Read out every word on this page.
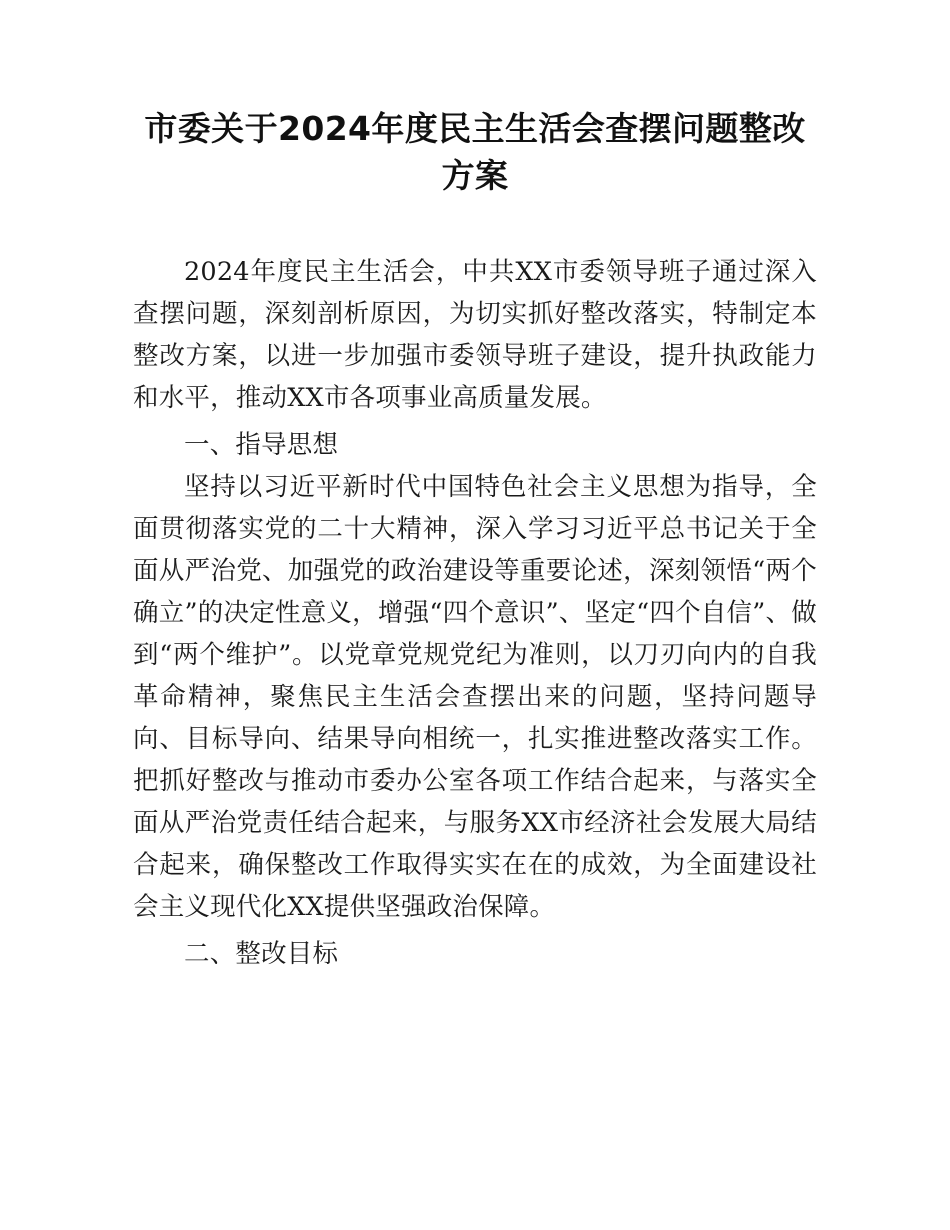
市委关于2024年度民主生活会查摆问题整改方案

2024年度民主生活会，中共XX市委领导班子通过深入查摆问题，深刻剖析原因，为切实抓好整改落实，特制定本整改方案，以进一步加强市委领导班子建设，提升执政能力和水平，推动XX市各项事业高质量发展。

一、指导思想

坚持以习近平新时代中国特色社会主义思想为指导，全面贯彻落实党的二十大精神，深入学习习近平总书记关于全面从严治党、加强党的政治建设等重要论述，深刻领悟“两个确立”的决定性意义，增强“四个意识”、坚定“四个自信”、做到“两个维护”。以党章党规党纪为准则，以刀刃向内的自我革命精神，聚焦民主生活会查摆出来的问题，坚持问题导向、目标导向、结果导向相统一，扎实推进整改落实工作。把抓好整改与推动市委办公室各项工作结合起来，与落实全面从严治党责任结合起来，与服务XX市经济社会发展大局结合起来，确保整改工作取得实实在在的成效，为全面建设社会主义现代化XX提供坚强政治保障。

二、整改目标
